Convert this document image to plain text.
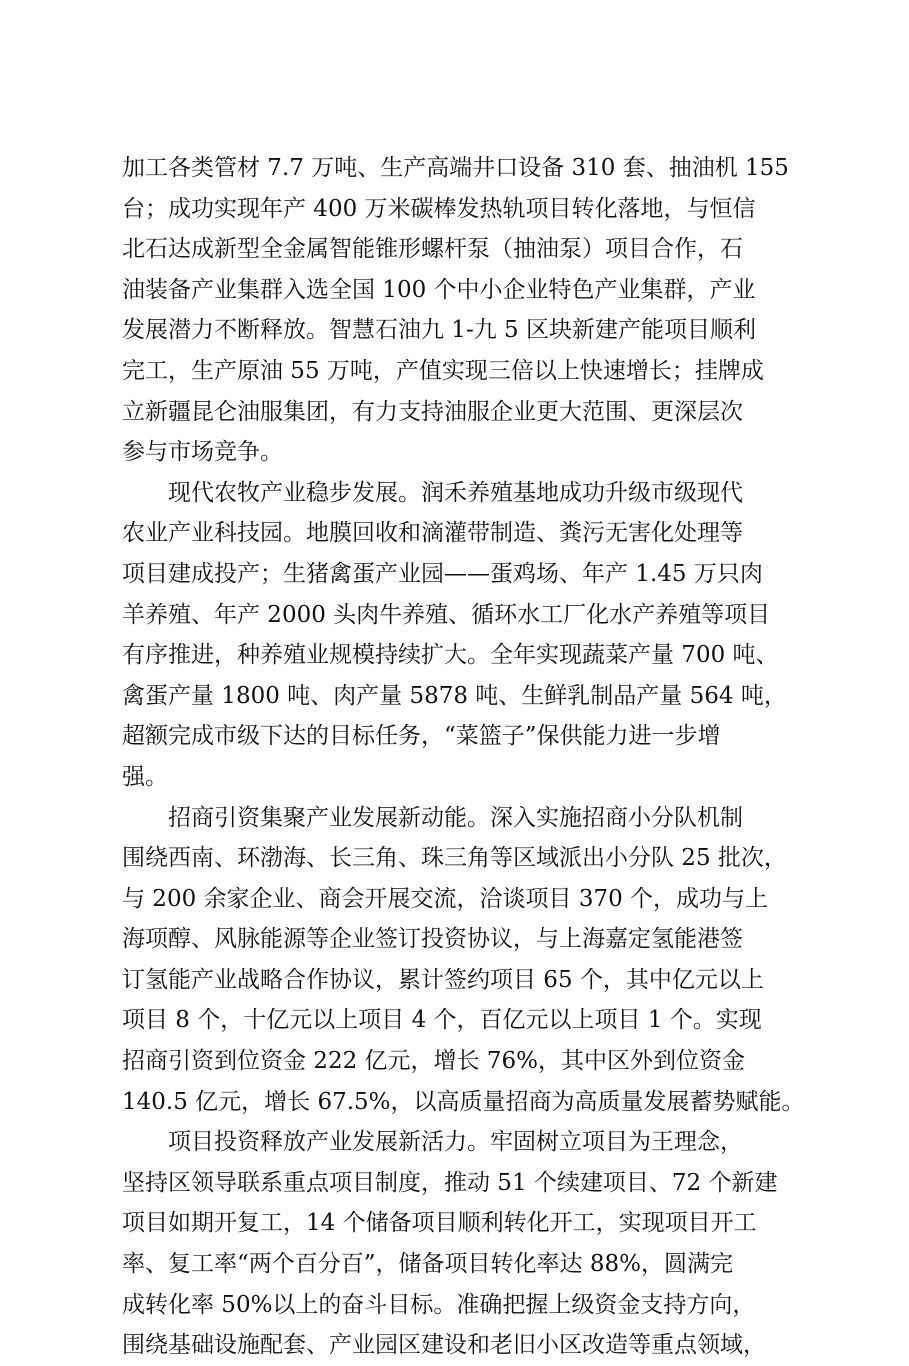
加工各类管材 7.7 万吨、生产高端井口设备 310 套、抽油机 155
台；成功实现年产 400 万米碳棒发热轨项目转化落地，与恒信
北石达成新型全金属智能锥形螺杆泵（抽油泵）项目合作，石
油装备产业集群入选全国 100 个中小企业特色产业集群，产业
发展潜力不断释放。智慧石油九 1-九 5 区块新建产能项目顺利
完工，生产原油 55 万吨，产值实现三倍以上快速增长；挂牌成
立新疆昆仑油服集团，有力支持油服企业更大范围、更深层次
参与市场竞争。
现代农牧产业稳步发展。润禾养殖基地成功升级市级现代
农业产业科技园。地膜回收和滴灌带制造、粪污无害化处理等
项目建成投产；生猪禽蛋产业园——蛋鸡场、年产 1.45 万只肉
羊养殖、年产 2000 头肉牛养殖、循环水工厂化水产养殖等项目
有序推进，种养殖业规模持续扩大。全年实现蔬菜产量 700 吨、
禽蛋产量 1800 吨、肉产量 5878 吨、生鲜乳制品产量 564 吨，
超额完成市级下达的目标任务，“菜篮子”保供能力进一步增
强。
招商引资集聚产业发展新动能。深入实施招商小分队机制
围绕西南、环渤海、长三角、珠三角等区域派出小分队 25 批次，
与 200 余家企业、商会开展交流，洽谈项目 370 个，成功与上
海项醇、风脉能源等企业签订投资协议，与上海嘉定氢能港签
订氢能产业战略合作协议，累计签约项目 65 个，其中亿元以上
项目 8 个，十亿元以上项目 4 个，百亿元以上项目 1 个。实现
招商引资到位资金 222 亿元，增长 76%，其中区外到位资金
140.5 亿元，增长 67.5%，以高质量招商为高质量发展蓄势赋能。
项目投资释放产业发展新活力。牢固树立项目为王理念，
坚持区领导联系重点项目制度，推动 51 个续建项目、72 个新建
项目如期开复工，14 个储备项目顺利转化开工，实现项目开工
率、复工率“两个百分百”，储备项目转化率达 88%，圆满完
成转化率 50%以上的奋斗目标。准确把握上级资金支持方向，
围绕基础设施配套、产业园区建设和老旧小区改造等重点领域，
